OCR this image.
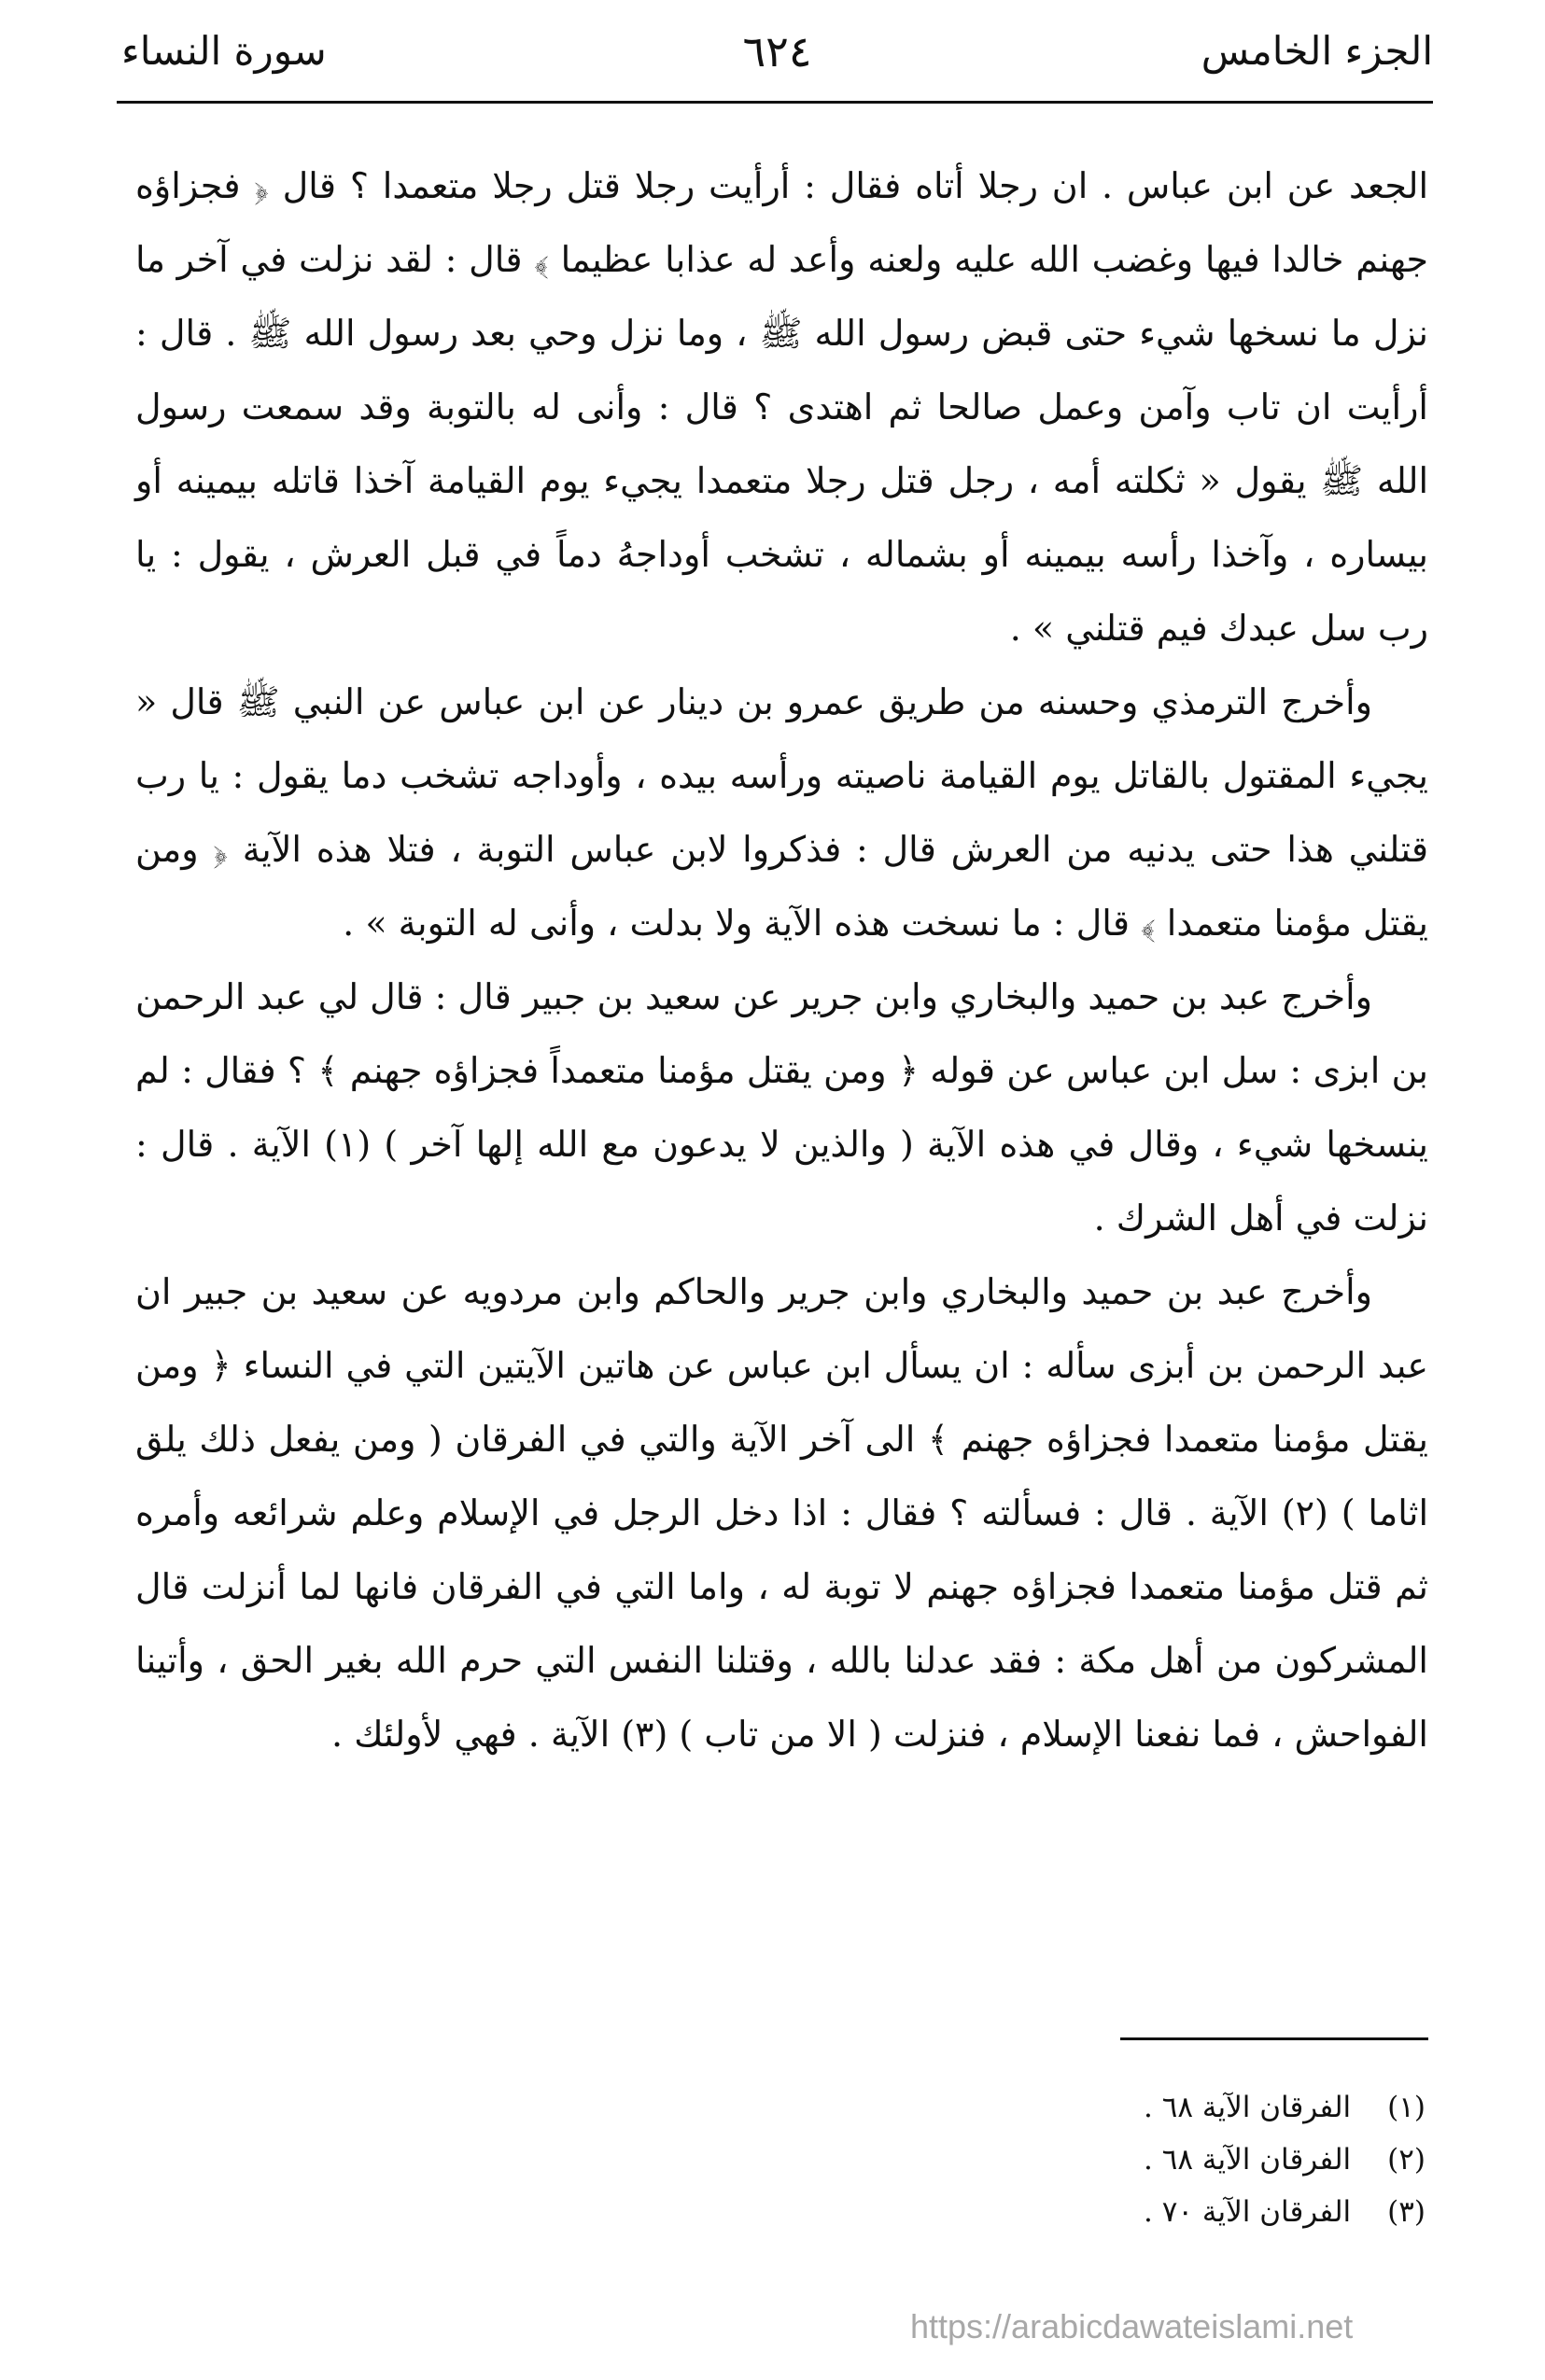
الجزء الخامس
٦٢٤
سورة النساء

الجعد عن ابن عباس . ان رجلا أتاه فقال : أرأيت رجلا قتل رجلا متعمدا ؟ قال ﴿ فجزاؤه جهنم خالدا فيها وغضب الله عليه ولعنه وأعد له عذابا عظيما ﴾ قال : لقد نزلت في آخر ما نزل ما نسخها شيء حتى قبض رسول الله ﷺ ، وما نزل وحي بعد رسول الله ﷺ . قال : أرأيت ان تاب وآمن وعمل صالحا ثم اهتدى ؟ قال : وأنى له بالتوبة وقد سمعت رسول الله ﷺ يقول « ثكلته أمه ، رجل قتل رجلا متعمدا يجيء يوم القيامة آخذا قاتله بيمينه أو بيساره ، وآخذا رأسه بيمينه أو بشماله ، تشخب أوداجهُ دماً في قبل العرش ، يقول : يا رب سل عبدك فيم قتلني » .

وأخرج الترمذي وحسنه من طريق عمرو بن دينار عن ابن عباس عن النبي ﷺ قال « يجيء المقتول بالقاتل يوم القيامة ناصيته ورأسه بيده ، وأوداجه تشخب دما يقول : يا رب قتلني هذا حتى يدنيه من العرش قال : فذكروا لابن عباس التوبة ، فتلا هذه الآية ﴿ ومن يقتل مؤمنا متعمدا ﴾ قال : ما نسخت هذه الآية ولا بدلت ، وأنى له التوبة » .

وأخرج عبد بن حميد والبخاري وابن جرير عن سعيد بن جبير قال : قال لي عبد الرحمن بن ابزى : سل ابن عباس عن قوله ﴿ ومن يقتل مؤمنا متعمداً فجزاؤه جهنم ﴾ ؟ فقال : لم ينسخها شيء ، وقال في هذه الآية ( والذين لا يدعون مع الله إلها آخر ) (١) الآية . قال : نزلت في أهل الشرك .

وأخرج عبد بن حميد والبخاري وابن جرير والحاكم وابن مردويه عن سعيد بن جبير ان عبد الرحمن بن أبزى سأله : ان يسأل ابن عباس عن هاتين الآيتين التي في النساء ﴿ ومن يقتل مؤمنا متعمدا فجزاؤه جهنم ﴾ الى آخر الآية والتي في الفرقان ( ومن يفعل ذلك يلق اثاما ) (٢) الآية . قال : فسألته ؟ فقال : اذا دخل الرجل في الإسلام وعلم شرائعه وأمره ثم قتل مؤمنا متعمدا فجزاؤه جهنم لا توبة له ، واما التي في الفرقان فانها لما أنزلت قال المشركون من أهل مكة : فقد عدلنا بالله ، وقتلنا النفس التي حرم الله بغير الحق ، وأتينا الفواحش ، فما نفعنا الإسلام ، فنزلت ( الا من تاب ) (٣) الآية . فهي لأولئك .

(١) الفرقان الآية ٦٨ .
(٢) الفرقان الآية ٦٨ .
(٣) الفرقان الآية ٧٠ .
https://arabicdawateislami.net
